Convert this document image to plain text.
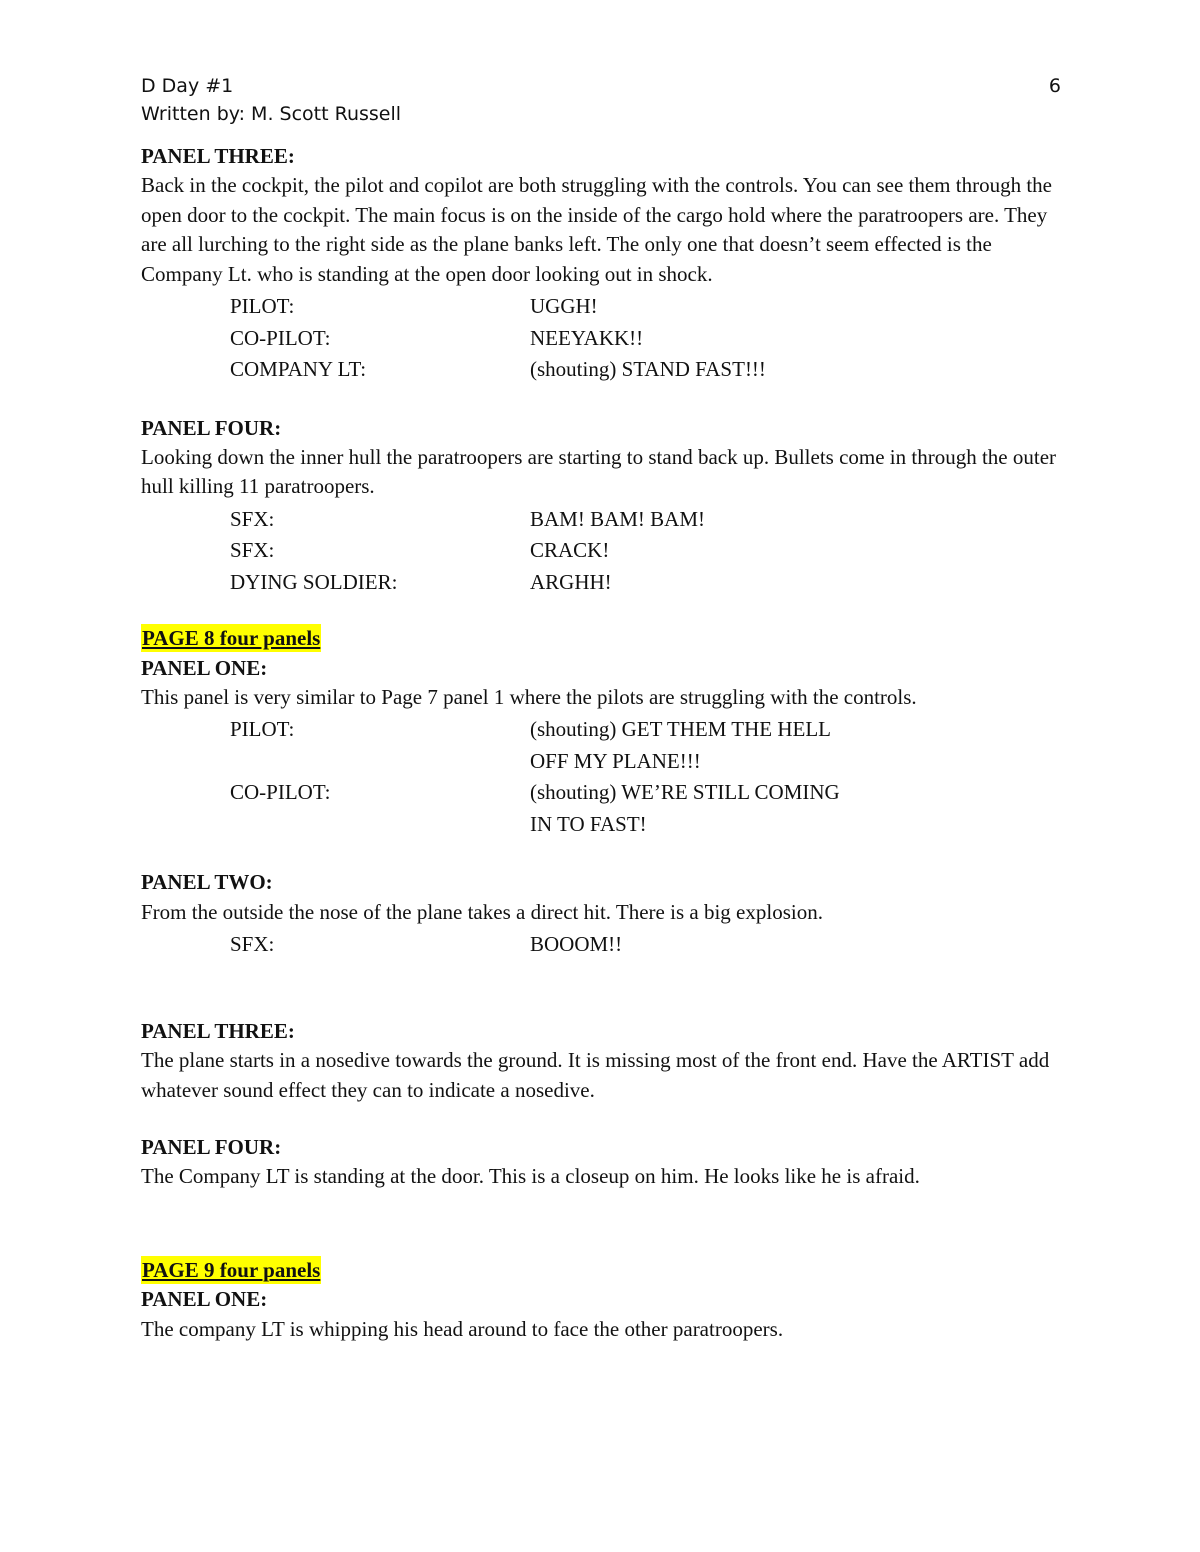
D Day #1
Written by: M. Scott Russell
6

PANEL THREE:

Back in the cockpit, the pilot and copilot are both struggling with the controls. You can see them through the open door to the cockpit. The main focus is on the inside of the cargo hold where the paratroopers are. They are all lurching to the right side as the plane banks left. The only one that doesn’t seem effected is the Company Lt. who is standing at the open door looking out in shock.

PILOT:	UGGH!
CO-PILOT:	NEEYAKK!!
COMPANY LT:	(shouting) STAND FAST!!!

PANEL FOUR:

Looking down the inner hull the paratroopers are starting to stand back up. Bullets come in through the outer hull killing 11 paratroopers.

SFX:	BAM! BAM! BAM!
SFX:	CRACK!
DYING SOLDIER:	ARGHH!

PAGE 8 four panels

PANEL ONE:

This panel is very similar to Page 7 panel 1 where the pilots are struggling with the controls.

PILOT:	(shouting) GET THEM THE HELL
OFF MY PLANE!!!
CO-PILOT:	(shouting) WE’RE STILL COMING
IN TO FAST!

PANEL TWO:

From the outside the nose of the plane takes a direct hit. There is a big explosion.

SFX:	BOOOM!!

PANEL THREE:

The plane starts in a nosedive towards the ground. It is missing most of the front end. Have the ARTIST add whatever sound effect they can to indicate a nosedive.

PANEL FOUR:

The Company LT is standing at the door. This is a closeup on him. He looks like he is afraid.

PAGE 9 four panels

PANEL ONE:

The company LT is whipping his head around to face the other paratroopers.
